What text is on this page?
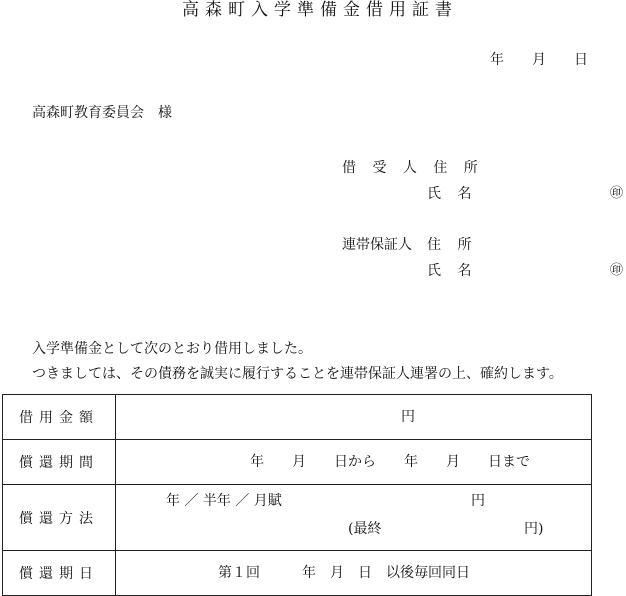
高森町入学準備金借用証書
年　　月　　日
高森町教育委員会　様
借 受 人 住 所
氏 名	㊞
連帯保証人 住 所
氏 名	㊞
入学準備金として次のとおり借用しました。
つきましては、その債務を誠実に履行することを連帯保証人連署の上、確約します。
借用金額	円

償還期間	年　　月　　日から　　年　　月　　日まで

償還方法	年 ／ 半年 ／ 月賦 円
(最終 円)

償還期日	第１回　　　年　月　日　以後毎回同日
